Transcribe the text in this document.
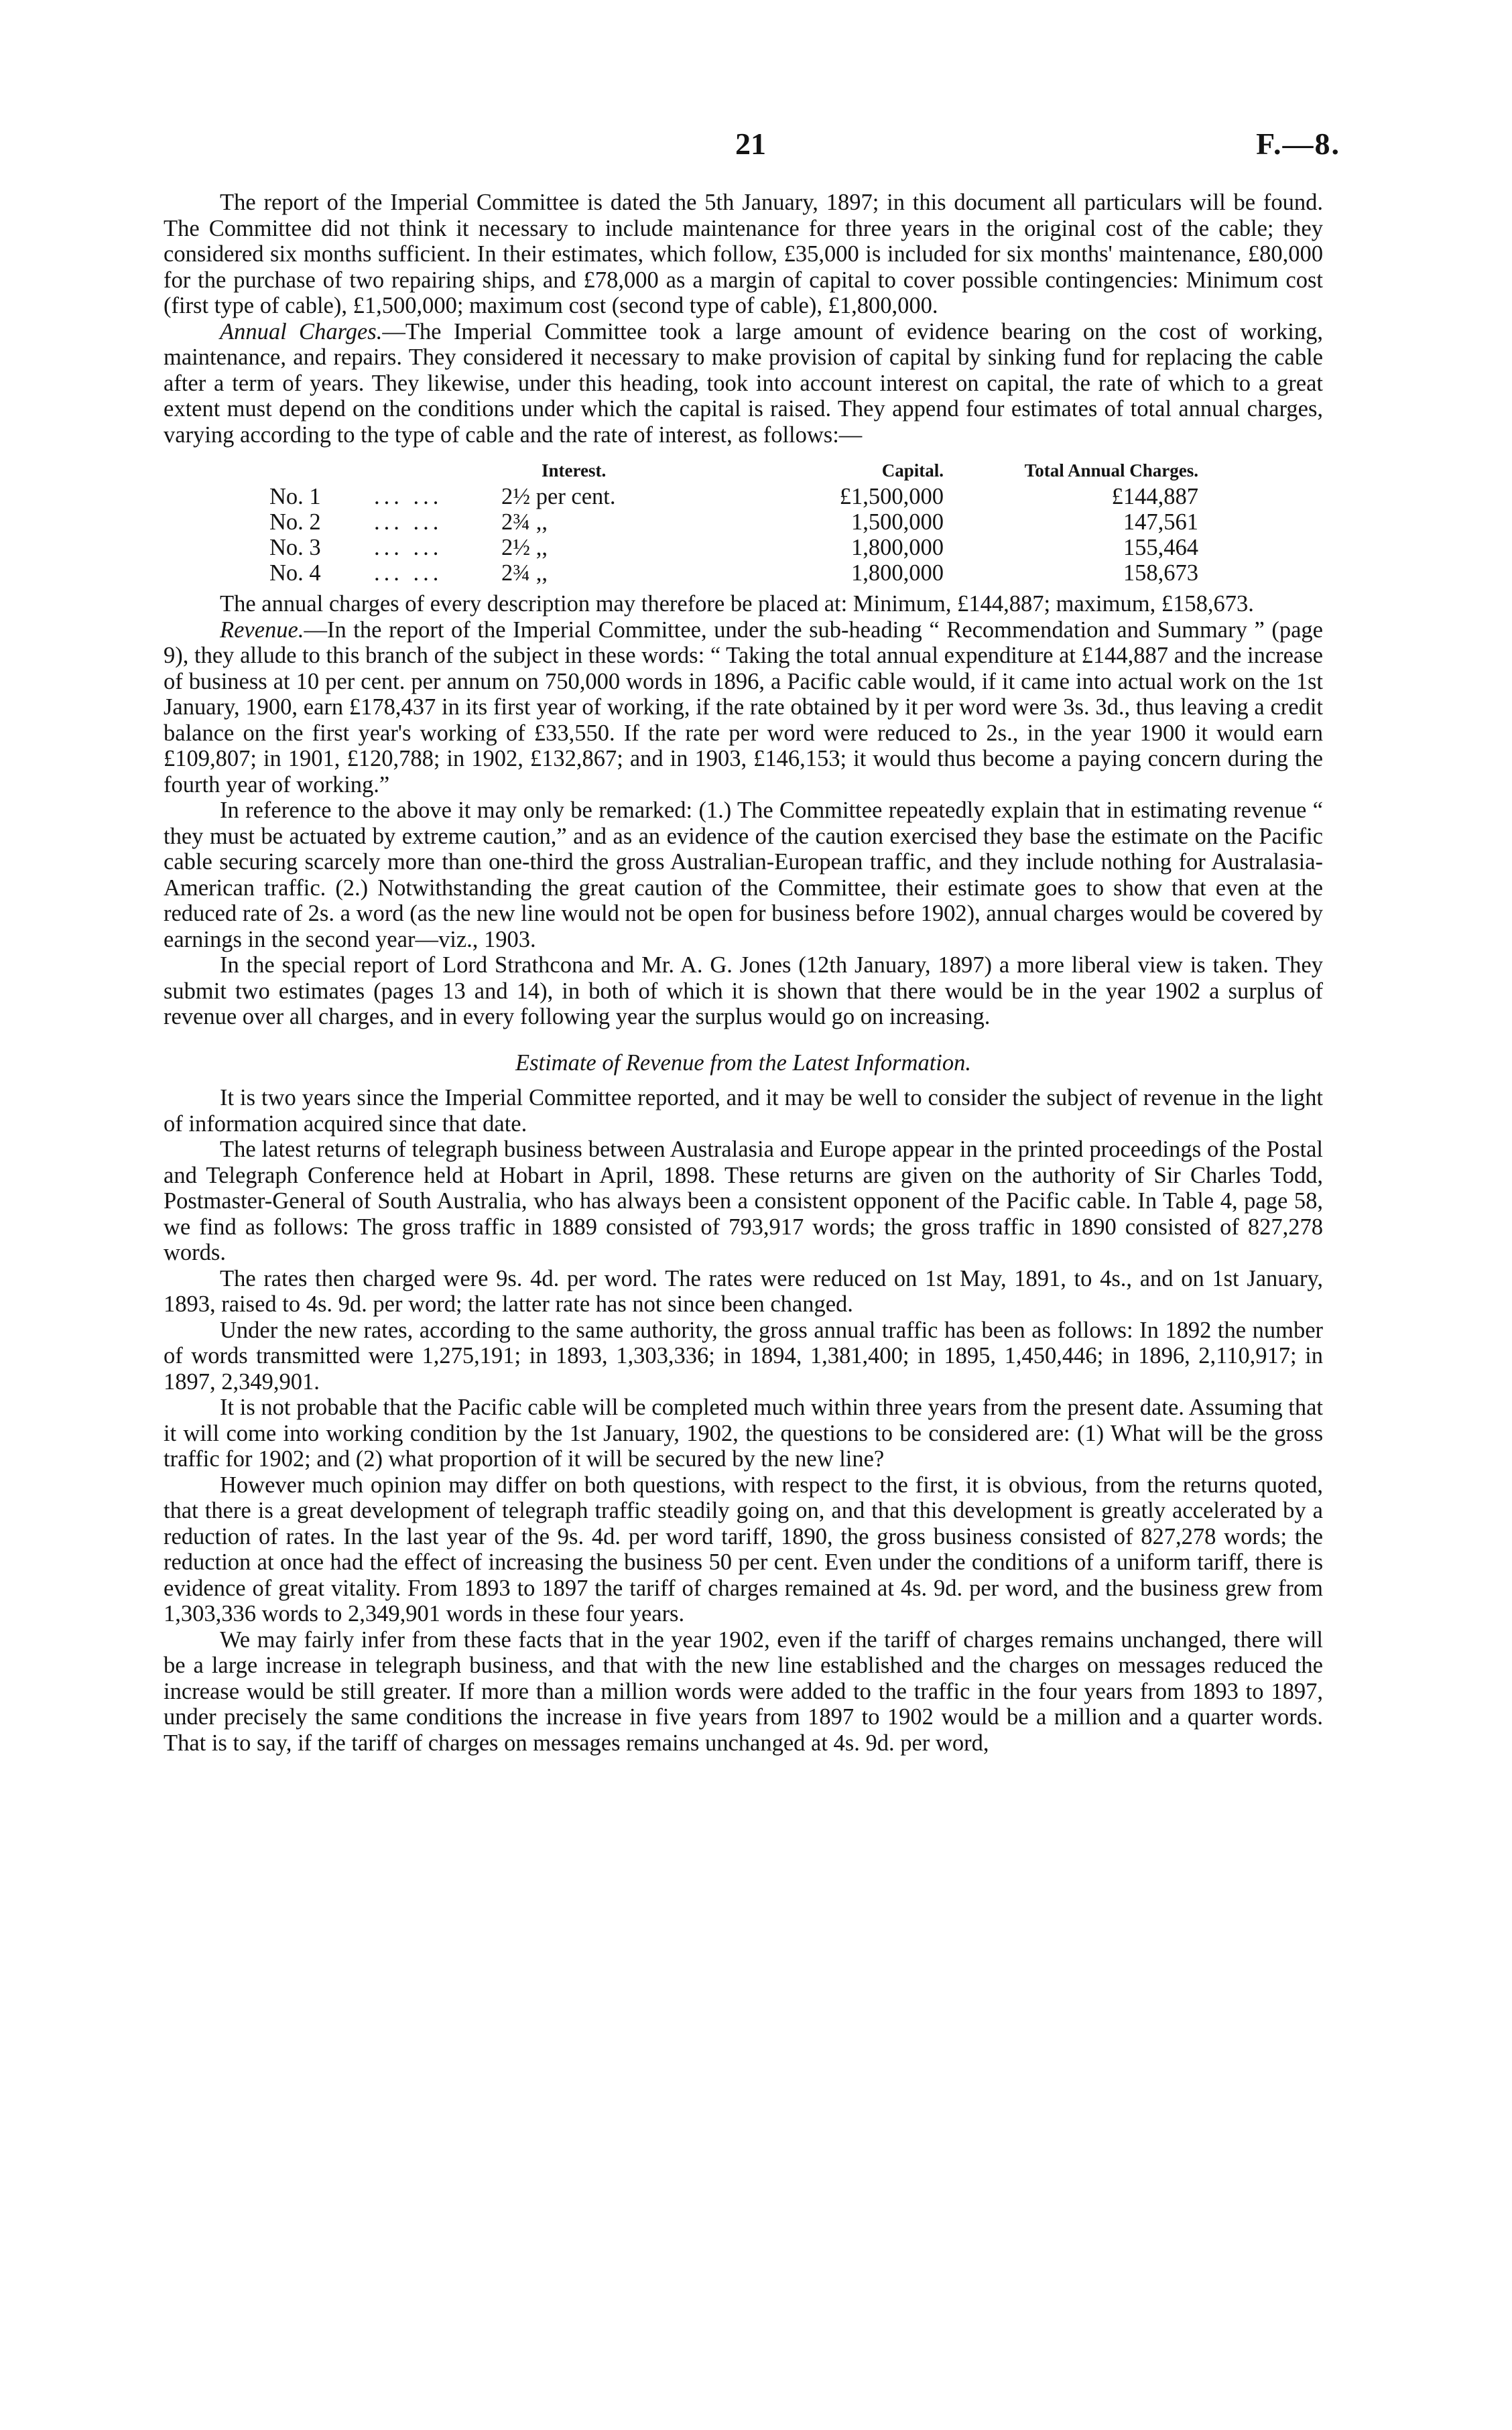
21	F.—8.

The report of the Imperial Committee is dated the 5th January, 1897; in this document all particulars will be found. The Committee did not think it necessary to include maintenance for three years in the original cost of the cable; they considered six months sufficient. In their estimates, which follow, £35,000 is included for six months' maintenance, £80,000 for the purchase of two repairing ships, and £78,000 as a margin of capital to cover possible contingencies: Minimum cost (first type of cable), £1,500,000; maximum cost (second type of cable), £1,800,000.

Annual Charges.—The Imperial Committee took a large amount of evidence bearing on the cost of working, maintenance, and repairs. They considered it necessary to make provision of capital by sinking fund for replacing the cable after a term of years. They likewise, under this heading, took into account interest on capital, the rate of which to a great extent must depend on the conditions under which the capital is raised. They append four estimates of total annual charges, varying according to the type of cable and the rate of interest, as follows:—

		Interest.	Capital.	Total Annual Charges.
No. 1	... ...	2½ per cent.	£1,500,000	£144,887
No. 2	... ...	2¾ ,,	1,500,000	147,561
No. 3	... ...	2½ ,,	1,800,000	155,464
No. 4	... ...	2¾ ,,	1,800,000	158,673

The annual charges of every description may therefore be placed at: Minimum, £144,887; maximum, £158,673.

Revenue.—In the report of the Imperial Committee, under the sub-heading “ Recommendation and Summary ” (page 9), they allude to this branch of the subject in these words: “ Taking the total annual expenditure at £144,887 and the increase of business at 10 per cent. per annum on 750,000 words in 1896, a Pacific cable would, if it came into actual work on the 1st January, 1900, earn £178,437 in its first year of working, if the rate obtained by it per word were 3s. 3d., thus leaving a credit balance on the first year's working of £33,550. If the rate per word were reduced to 2s., in the year 1900 it would earn £109,807; in 1901, £120,788; in 1902, £132,867; and in 1903, £146,153; it would thus become a paying concern during the fourth year of working.”

In reference to the above it may only be remarked: (1.) The Committee repeatedly explain that in estimating revenue “ they must be actuated by extreme caution,” and as an evidence of the caution exercised they base the estimate on the Pacific cable securing scarcely more than one-third the gross Australian-European traffic, and they include nothing for Australasia-American traffic. (2.) Notwithstanding the great caution of the Committee, their estimate goes to show that even at the reduced rate of 2s. a word (as the new line would not be open for business before 1902), annual charges would be covered by earnings in the second year—viz., 1903.

In the special report of Lord Strathcona and Mr. A. G. Jones (12th January, 1897) a more liberal view is taken. They submit two estimates (pages 13 and 14), in both of which it is shown that there would be in the year 1902 a surplus of revenue over all charges, and in every following year the surplus would go on increasing.

Estimate of Revenue from the Latest Information.

It is two years since the Imperial Committee reported, and it may be well to consider the subject of revenue in the light of information acquired since that date.

The latest returns of telegraph business between Australasia and Europe appear in the printed proceedings of the Postal and Telegraph Conference held at Hobart in April, 1898. These returns are given on the authority of Sir Charles Todd, Postmaster-General of South Australia, who has always been a consistent opponent of the Pacific cable. In Table 4, page 58, we find as follows: The gross traffic in 1889 consisted of 793,917 words; the gross traffic in 1890 consisted of 827,278 words.

The rates then charged were 9s. 4d. per word. The rates were reduced on 1st May, 1891, to 4s., and on 1st January, 1893, raised to 4s. 9d. per word; the latter rate has not since been changed.

Under the new rates, according to the same authority, the gross annual traffic has been as follows: In 1892 the number of words transmitted were 1,275,191; in 1893, 1,303,336; in 1894, 1,381,400; in 1895, 1,450,446; in 1896, 2,110,917; in 1897, 2,349,901.

It is not probable that the Pacific cable will be completed much within three years from the present date. Assuming that it will come into working condition by the 1st January, 1902, the questions to be considered are: (1) What will be the gross traffic for 1902; and (2) what proportion of it will be secured by the new line?

However much opinion may differ on both questions, with respect to the first, it is obvious, from the returns quoted, that there is a great development of telegraph traffic steadily going on, and that this development is greatly accelerated by a reduction of rates. In the last year of the 9s. 4d. per word tariff, 1890, the gross business consisted of 827,278 words; the reduction at once had the effect of increasing the business 50 per cent. Even under the conditions of a uniform tariff, there is evidence of great vitality. From 1893 to 1897 the tariff of charges remained at 4s. 9d. per word, and the business grew from 1,303,336 words to 2,349,901 words in these four years.

We may fairly infer from these facts that in the year 1902, even if the tariff of charges remains unchanged, there will be a large increase in telegraph business, and that with the new line established and the charges on messages reduced the increase would be still greater. If more than a million words were added to the traffic in the four years from 1893 to 1897, under precisely the same conditions the increase in five years from 1897 to 1902 would be a million and a quarter words. That is to say, if the tariff of charges on messages remains unchanged at 4s. 9d. per word,
